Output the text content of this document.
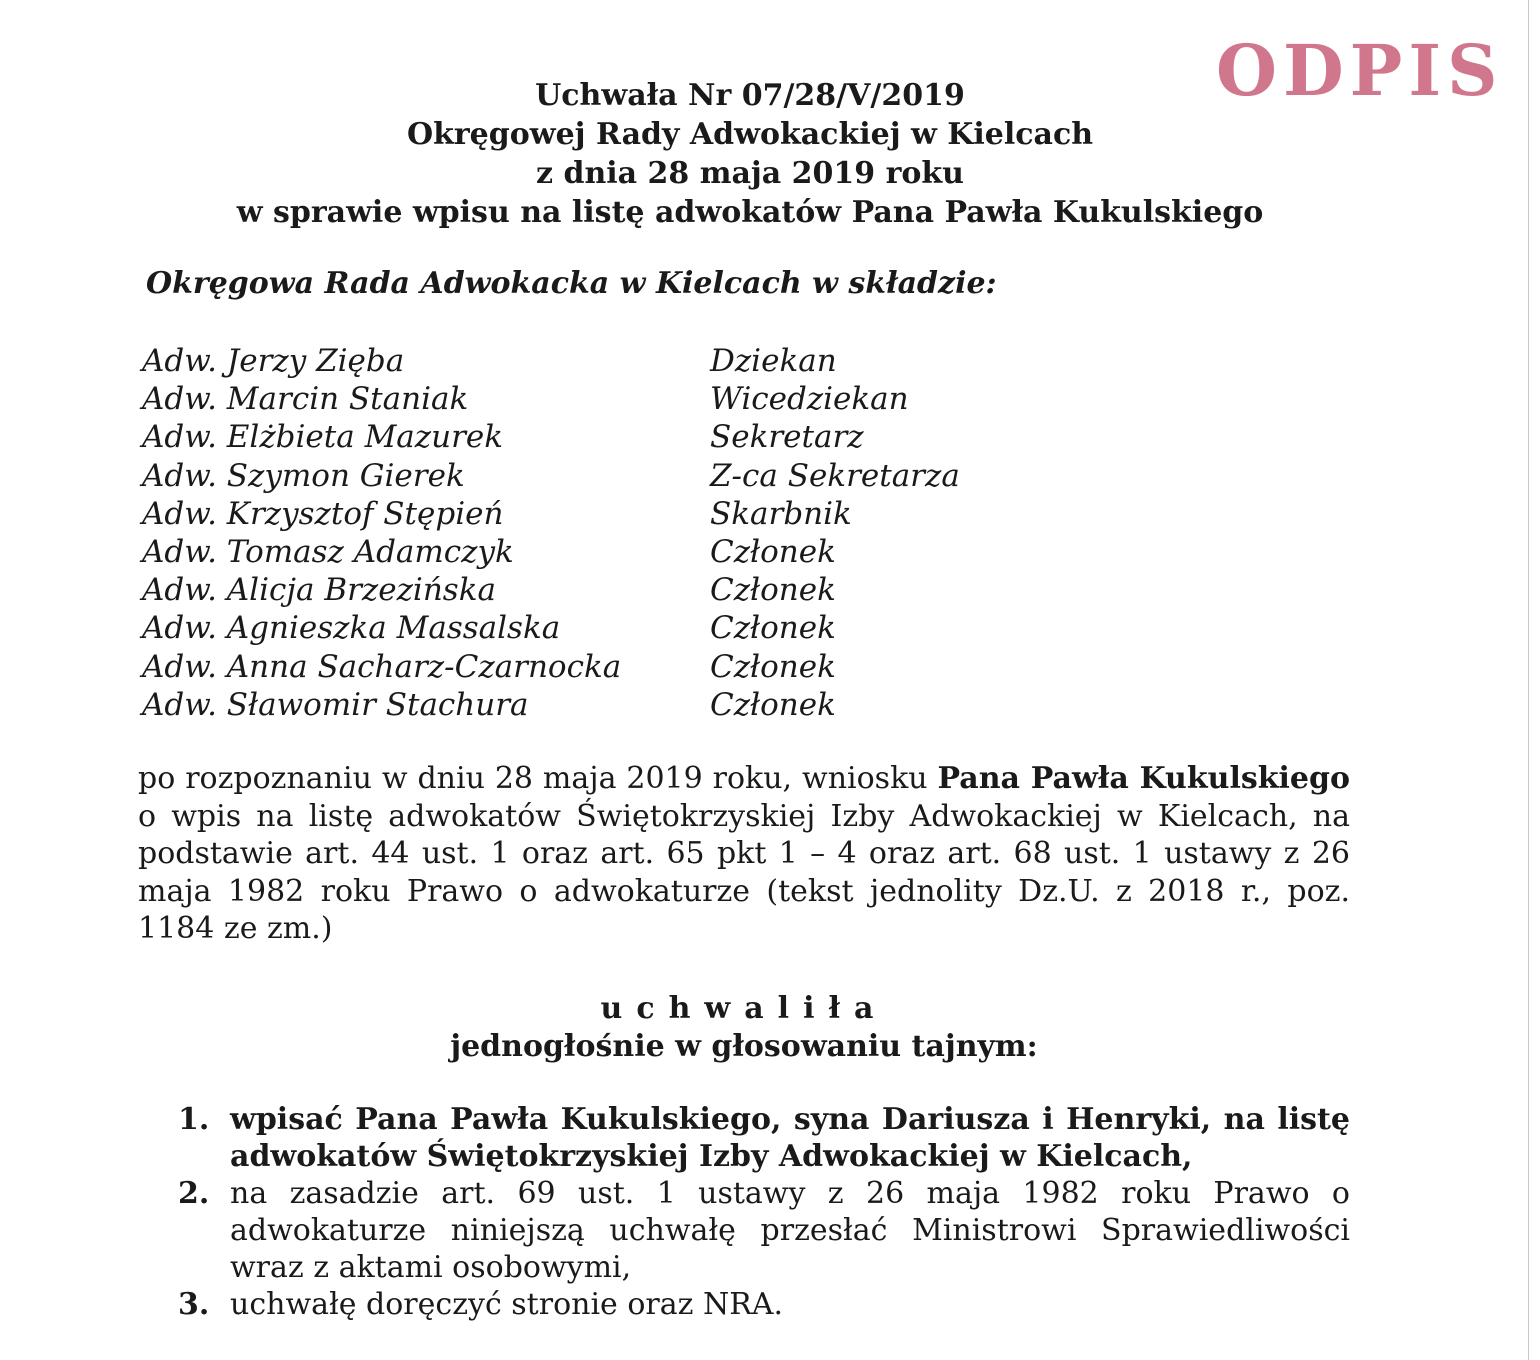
ODPIS
Uchwała Nr 07/28/V/2019
Okręgowej Rady Adwokackiej w Kielcach
z dnia 28 maja 2019 roku
w sprawie wpisu na listę adwokatów Pana Pawła Kukulskiego
Okręgowa Rada Adwokacka w Kielcach w składzie:
Adw. Jerzy Zięba	Dziekan
Adw. Marcin Staniak	Wicedziekan
Adw. Elżbieta Mazurek	Sekretarz
Adw. Szymon Gierek	Z-ca Sekretarza
Adw. Krzysztof Stępień	Skarbnik
Adw. Tomasz Adamczyk	Członek
Adw. Alicja Brzezińska	Członek
Adw. Agnieszka Massalska	Członek
Adw. Anna Sacharz-Czarnocka	Członek
Adw. Sławomir Stachura	Członek
po rozpoznaniu w dniu 28 maja 2019 roku, wniosku Pana Pawła Kukulskiego o wpis na listę adwokatów Świętokrzyskiej Izby Adwokackiej w Kielcach, na podstawie art. 44 ust. 1 oraz art. 65 pkt 1 – 4 oraz art. 68 ust. 1 ustawy z 26 maja 1982 roku Prawo o adwokaturze (tekst jednolity Dz.U. z 2018 r., poz. 1184 ze zm.)
uchwaliła
jednogłośnie w głosowaniu tajnym:
1. wpisać Pana Pawła Kukulskiego, syna Dariusza i Henryki, na listę adwokatów Świętokrzyskiej Izby Adwokackiej w Kielcach,
2. na zasadzie art. 69 ust. 1 ustawy z 26 maja 1982 roku Prawo o adwokaturze niniejszą uchwałę przesłać Ministrowi Sprawiedliwości wraz z aktami osobowymi,
3. uchwałę doręczyć stronie oraz NRA.
